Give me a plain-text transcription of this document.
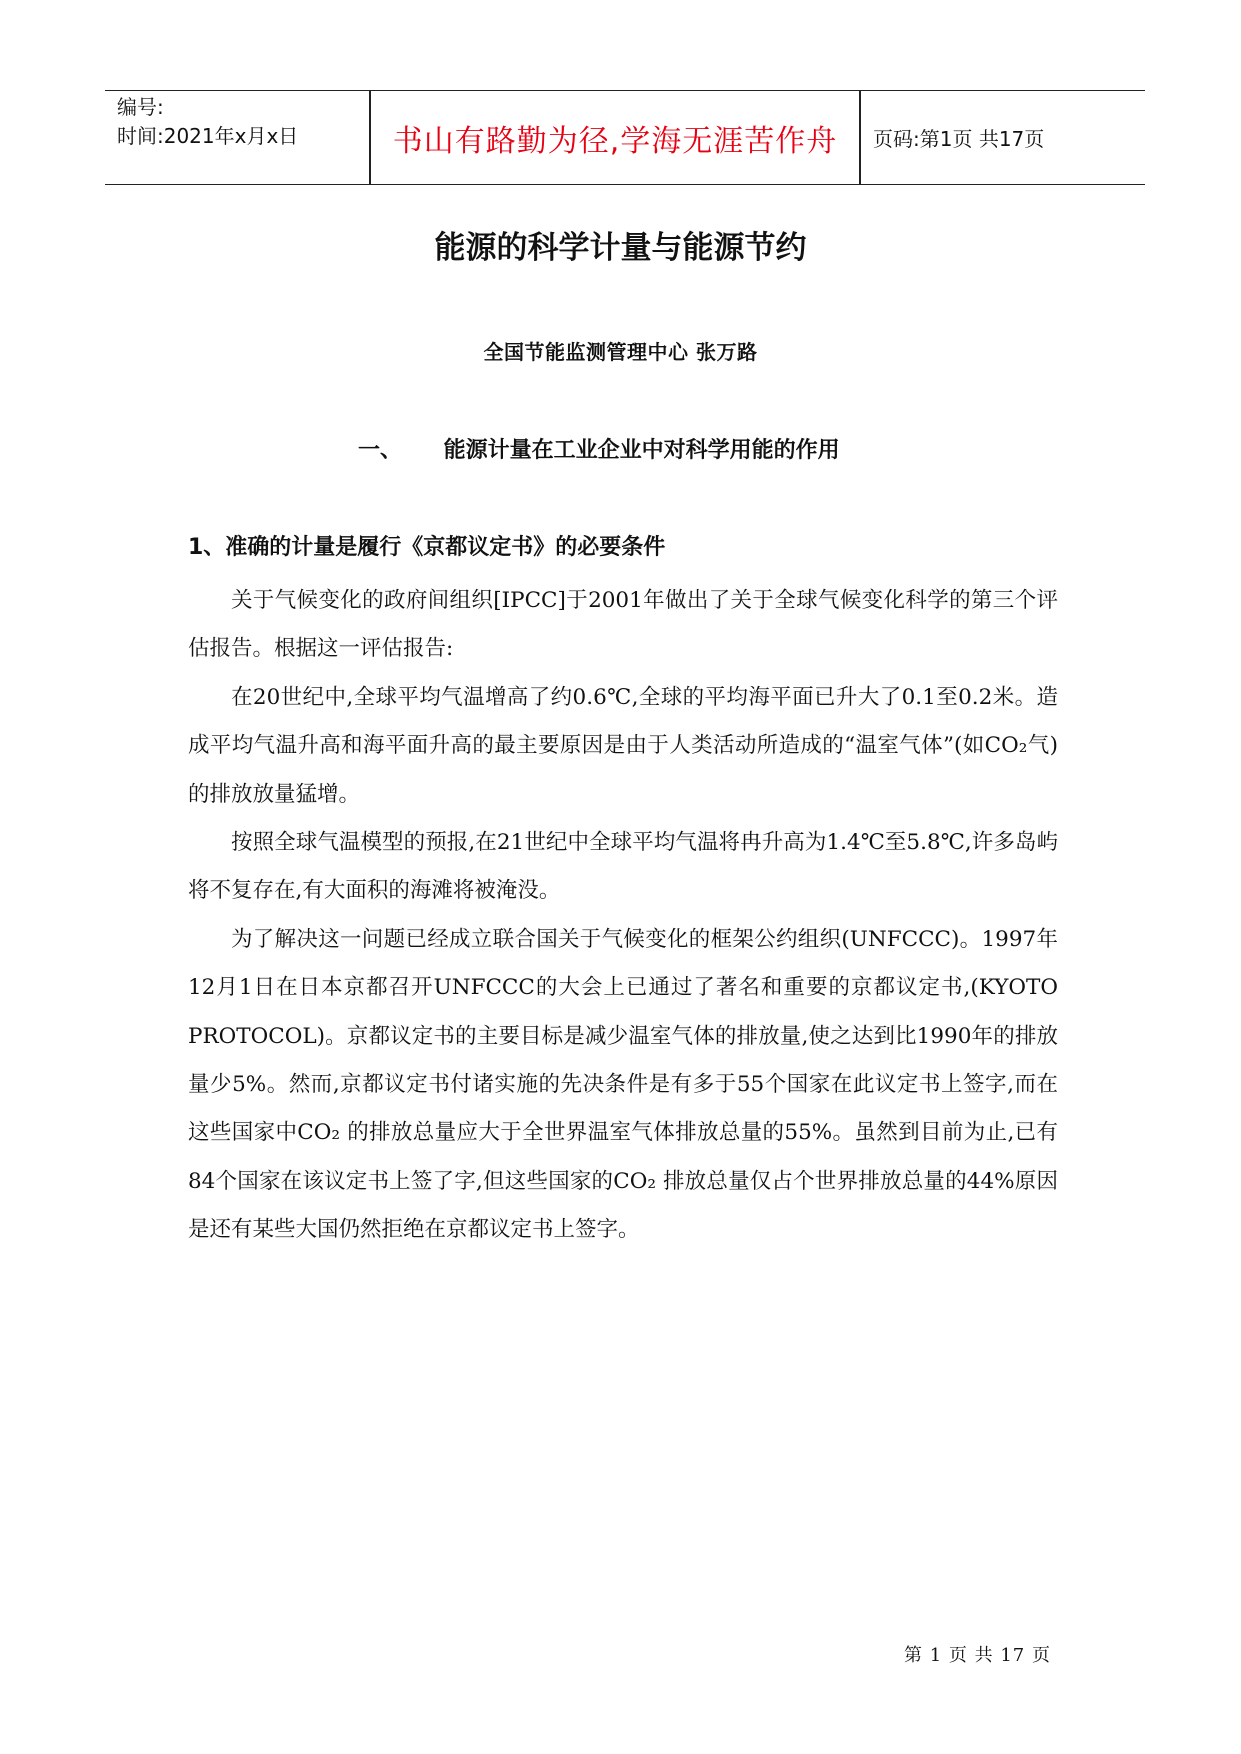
编号:
时间:2021年x月x日	书山有路勤为径,学海无涯苦作舟	页码:第1页 共17页
能源的科学计量与能源节约
全国节能监测管理中心 张万路
一、 能源计量在工业企业中对科学用能的作用
1、准确的计量是履行《京都议定书》的必要条件

关于气候变化的政府间组织[IPCC]于2001年做出了关于全球气候变化科学的第三个评估报告。根据这一评估报告:

在20世纪中,全球平均气温增高了约0.6℃,全球的平均海平面已升大了0.1至0.2米。造成平均气温升高和海平面升高的最主要原因是由于人类活动所造成的“温室气体”(如CO₂气)的排放放量猛增。

按照全球气温模型的预报,在21世纪中全球平均气温将冉升高为1.4℃至5.8℃,许多岛屿将不复存在,有大面积的海滩将被淹没。

为了解决这一问题已经成立联合国关于气候变化的框架公约组织(UNFCCC)。1997年 12月1日在日本京都召开UNFCCC的大会上已通过了著名和重要的京都议定书,(KYOTO PROTOCOL)。京都议定书的主要目标是减少温室气体的排放量,使之达到比1990年的排放量少5%。然而,京都议定书付诸实施的先决条件是有多于55个国家在此议定书上签字,而在这些国家中CO₂ 的排放总量应大于全世界温室气体排放总量的55%。虽然到目前为止,已有84个国家在该议定书上签了字,但这些国家的CO₂ 排放总量仅占个世界排放总量的44%原因是还有某些大国仍然拒绝在京都议定书上签字。

第 1 页 共 17 页
